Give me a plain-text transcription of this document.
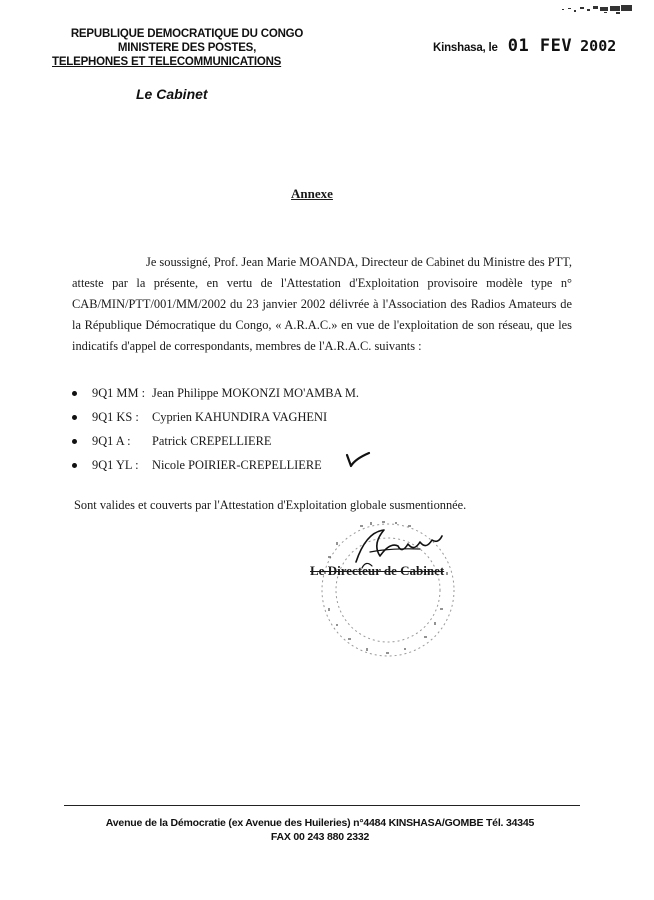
REPUBLIQUE DEMOCRATIQUE DU CONGO
MINISTERE DES POSTES,
TELEPHONES ET TELECOMMUNICATIONS
Le Cabinet
Kinshasa, le 01 FEV 2002
Annexe
Je soussigné, Prof. Jean Marie MOANDA, Directeur de Cabinet du Ministre des PTT, atteste par la présente, en vertu de l'Attestation d'Exploitation provisoire modèle type n° CAB/MIN/PTT/001/MM/2002 du 23 janvier 2002 délivrée à l'Association des Radios Amateurs de la République Démocratique du Congo, « A.R.A.C.» en vue de l'exploitation de son réseau, que les indicatifs d'appel de correspondants, membres de l'A.R.A.C. suivants :
9Q1 MM : Jean Philippe MOKONZI MO'AMBA M.
9Q1 KS :	Cyprien KAHUNDIRA VAGHENI
9Q1 A :	Patrick CREPELLIERE
9Q1 YL :	Nicole POIRIER-CREPELLIERE
Sont valides et couverts par l'Attestation d'Exploitation globale susmentionnée.
Le Directeur de Cabinet
Avenue de la Démocratie (ex Avenue des Huileries) n°4484 KINSHASA/GOMBE Tél. 34345
FAX 00 243 880 2332
